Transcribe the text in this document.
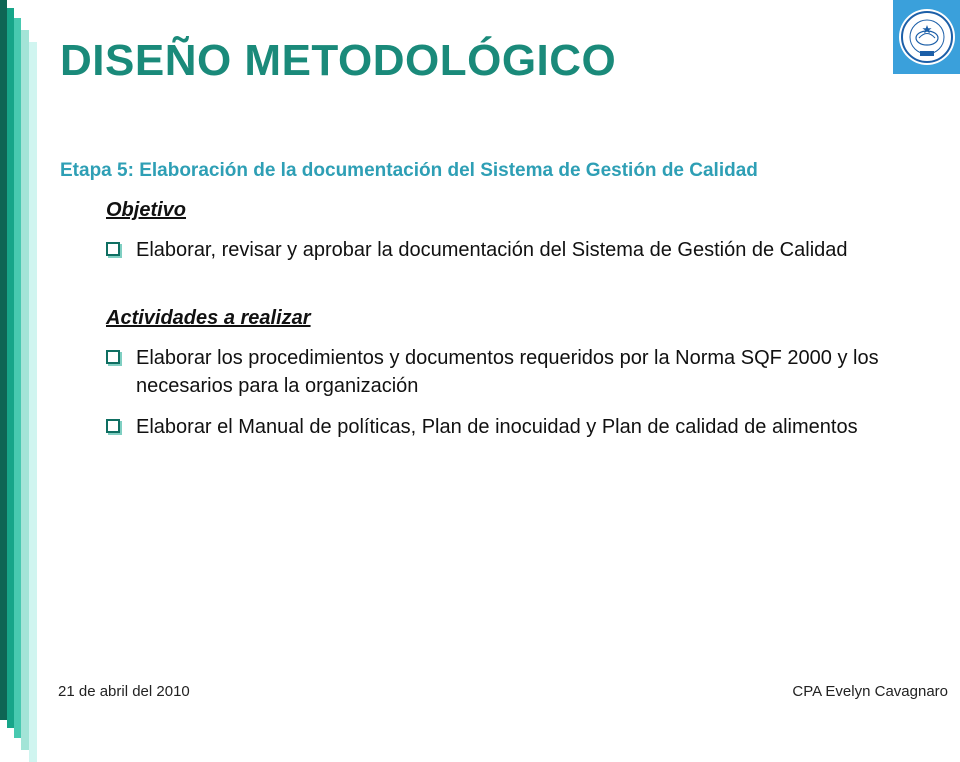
DISEÑO METODOLÓGICO
Etapa 5: Elaboración de la documentación del Sistema de Gestión de Calidad
Objetivo
Elaborar, revisar y aprobar la documentación del Sistema de Gestión de Calidad
Actividades a realizar
Elaborar los procedimientos y documentos requeridos por la Norma SQF 2000 y los necesarios para la organización
Elaborar el Manual de políticas, Plan de inocuidad y Plan de calidad de alimentos
21 de abril del 2010	CPA Evelyn Cavagnaro
